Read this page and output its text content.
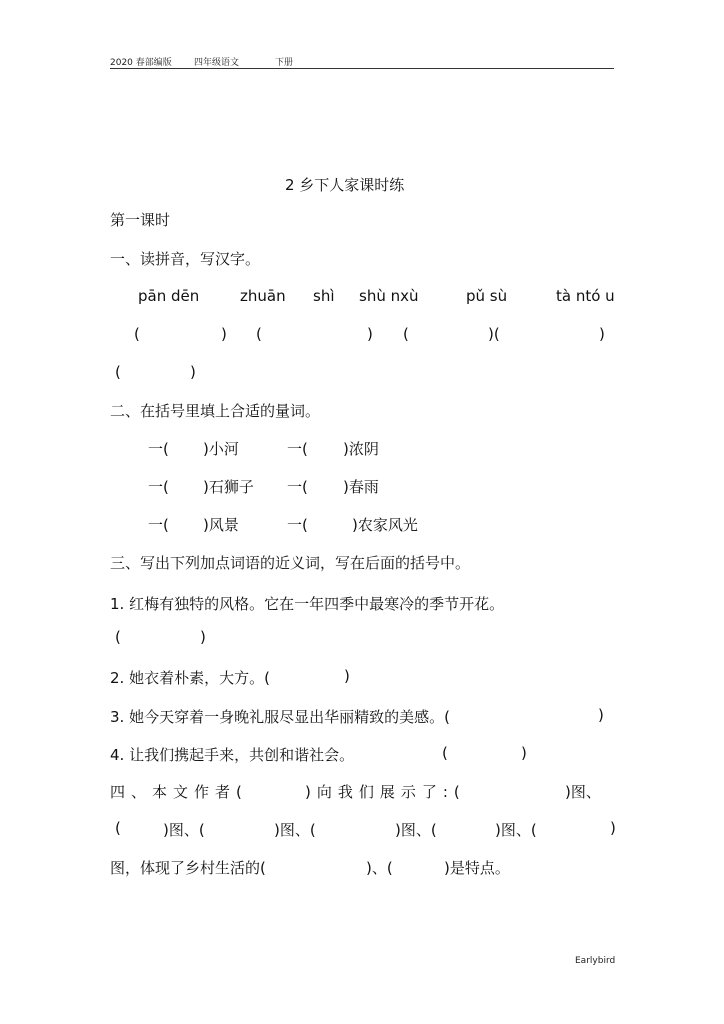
2020 春部编版 四年级语文	下册
2 乡下人家课时练
第一课时
一、读拼音，写汉字。
pān dēn	zhuān shì shù nxù	pǔ sù	tà ntó u
(	) (	) (	)(	)
(	)
二、在括号里填上合适的量词。
一( )小河	一( )浓阴
一( )石狮子 一( )春雨
一( )风景	一(	)农家风光
三、写出下列加点词语的近义词，写在后面的括号中。
1. 红梅有独特的风格。它在一年四季中最寒冷的季节开花。
(	)
2. 她衣着朴素，大方。(	)
3. 她今天穿着一身晚礼服尽显出华丽精致的美感。(	)
4. 让我们携起手来，共创和谐社会。	(	)
四、本文作者(	)向我们展示了:(	)图、
(	)图、(	)图、(	)图、(	)图、(	)
图，体现了乡村生活的(	)、(	)是特点。
Earlybird
